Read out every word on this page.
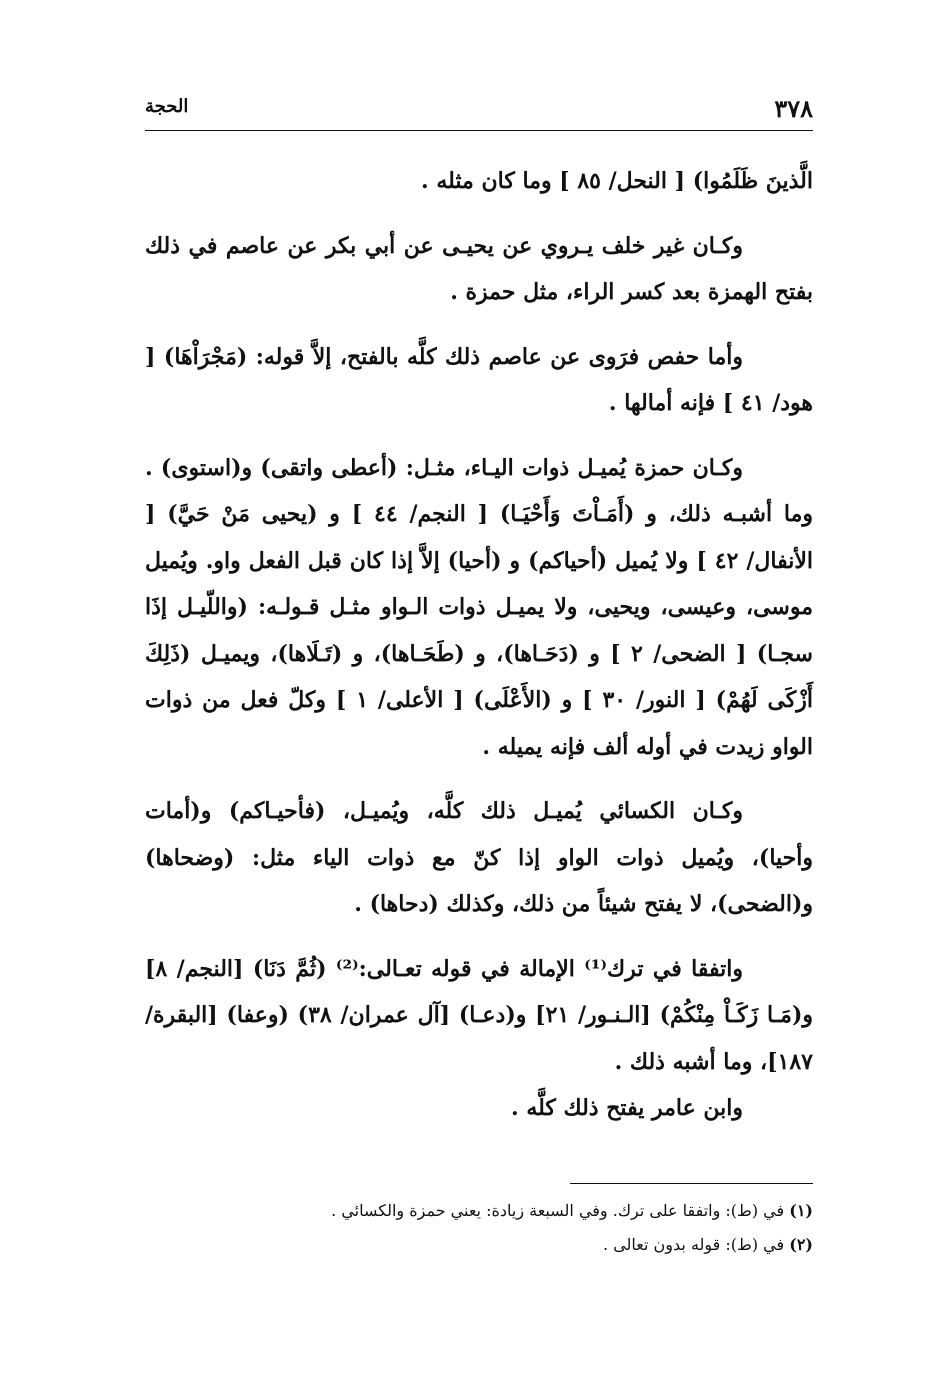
٣٧٨
الحجة

الَّذينَ ظَلَمُوا) [ النحل/ ٨٥ ] وما كان مثله .

وكـان غير خلف يـروي عن يحيـى عن أبي بكر عن عاصم في ذلك بفتح الهمزة بعد كسر الراء، مثل حمزة .

وأما حفص فرَوى عن عاصم ذلك كلَّه بالفتح، إلاَّ قوله: (مَجْرَاْهَا) [ هود/ ٤١ ] فإنه أمالها .

وكـان حمزة يُميـل ذوات اليـاء، مثـل: (أعطى واتقى) و(استوى) . وما أشبـه ذلك، و (أَمَـاْتَ وَأَحْيَـا) [ النجم/ ٤٤ ] و (يحيى مَنْ حَيَّ) [ الأنفال/ ٤٢ ] ولا يُميل (أحياكم) و (أحيا) إلاَّ إذا كان قبل الفعل واو. ويُميل موسى، وعيسى، ويحيى، ولا يميـل ذوات الـواو مثـل قـولـه: (واللّيـل إذَا سجـا) [ الضحى/ ٢ ] و (دَحَـاها)، و (طَحَـاها)، و (تَـلَاها)، ويميـل (ذَلِكَ أَزْكَى لَهُمْ) [ النور/ ٣٠ ] و (الأَعْلَى) [ الأعلى/ ١ ] وكلّ فعل من ذوات الواو زيدت في أوله ألف فإنه يميله .

وكـان الكسائي يُميـل ذلك كلَّه، ويُميـل، (فأحيـاكم) و(أمات وأحيا)، ويُميل ذوات الواو إذا كنّ مع ذوات الياء مثل: (وضحاها) و(الضحى)، لا يفتح شيئاً من ذلك، وكذلك (دحاها) .

واتفقا في ترك⁽¹⁾ الإمالة في قوله تعـالى:⁽²⁾ (ثُمَّ دَنَا) [النجم/ ٨] و(مَـا زَكَـاْ مِنْكُمْ) [الـنـور/ ٢١] و(دعـا) [آل عمران/ ٣٨) (وعفا) [البقرة/ ١٨٧]، وما أشبه ذلك .

وابن عامر يفتح ذلك كلَّه .

(١) في (ط): واتفقا على ترك. وفي السبعة زيادة: يعني حمزة والكسائي .

(٢) في (ط): قوله بدون تعالى .
